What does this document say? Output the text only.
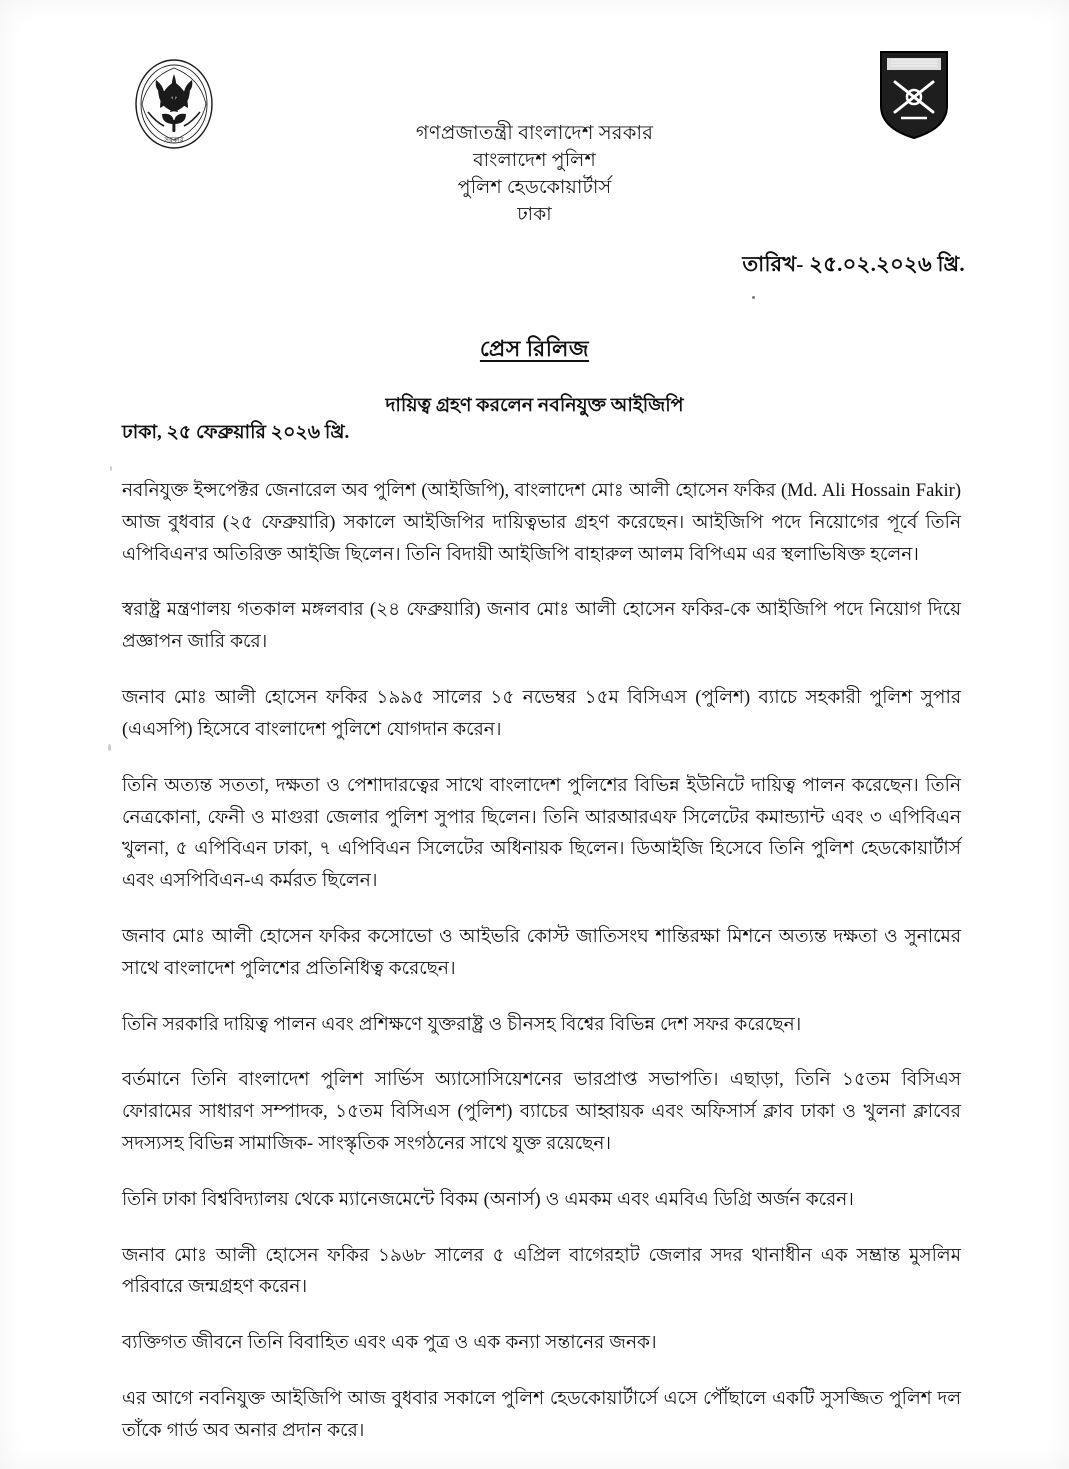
সরকার	গণপ্রজাতন্ত্রী বাংলাদেশ সরকার
বাংলাদেশ পুলিশ
পুলিশ হেডকোয়ার্টার্স
ঢাকা
তারিখ- ২৫.০২.২০২৬ খ্রি.
প্রেস রিলিজ
দায়িত্ব গ্রহণ করলেন নবনিযুক্ত আইজিপি
ঢাকা, ২৫ ফেব্রুয়ারি ২০২৬ খ্রি.

নবনিযুক্ত ইন্সপেক্টর জেনারেল অব পুলিশ (আইজিপি), বাংলাদেশ মোঃ আলী হোসেন ফকির (Md. Ali Hossain Fakir) আজ বুধবার (২৫ ফেব্রুয়ারি) সকালে আইজিপির দায়িত্বভার গ্রহণ করেছেন। আইজিপি পদে নিয়োগের পূর্বে তিনি এপিবিএন'র অতিরিক্ত আইজি ছিলেন। তিনি বিদায়ী আইজিপি বাহারুল আলম বিপিএম এর স্থলাভিষিক্ত হলেন।

স্বরাষ্ট্র মন্ত্রণালয় গতকাল মঙ্গলবার (২৪ ফেব্রুয়ারি) জনাব মোঃ আলী হোসেন ফকির-কে আইজিপি পদে নিয়োগ দিয়ে প্রজ্ঞাপন জারি করে।

জনাব মোঃ আলী হোসেন ফকির ১৯৯৫ সালের ১৫ নভেম্বর ১৫ম বিসিএস (পুলিশ) ব্যাচে সহকারী পুলিশ সুপার (এএসপি) হিসেবে বাংলাদেশ পুলিশে যোগদান করেন।

তিনি অত্যন্ত সততা, দক্ষতা ও পেশাদারত্বের সাথে বাংলাদেশ পুলিশের বিভিন্ন ইউনিটে দায়িত্ব পালন করেছেন। তিনি নেত্রকোনা, ফেনী ও মাগুরা জেলার পুলিশ সুপার ছিলেন। তিনি আরআরএফ সিলেটের কমান্ড্যান্ট এবং ৩ এপিবিএন খুলনা, ৫ এপিবিএন ঢাকা, ৭ এপিবিএন সিলেটের অধিনায়ক ছিলেন। ডিআইজি হিসেবে তিনি পুলিশ হেডকোয়ার্টার্স এবং এসপিবিএন-এ কর্মরত ছিলেন।

জনাব মোঃ আলী হোসেন ফকির কসোভো ও আইভরি কোস্ট জাতিসংঘ শান্তিরক্ষা মিশনে অত্যন্ত দক্ষতা ও সুনামের সাথে বাংলাদেশ পুলিশের প্রতিনিধিত্ব করেছেন।

তিনি সরকারি দায়িত্ব পালন এবং প্রশিক্ষণে যুক্তরাষ্ট্র ও চীনসহ বিশ্বের বিভিন্ন দেশ সফর করেছেন।

বর্তমানে তিনি বাংলাদেশ পুলিশ সার্ভিস অ্যাসোসিয়েশনের ভারপ্রাপ্ত সভাপতি। এছাড়া, তিনি ১৫তম বিসিএস ফোরামের সাধারণ সম্পাদক, ১৫তম বিসিএস (পুলিশ) ব্যাচের আহ্বায়ক এবং অফিসার্স ক্লাব ঢাকা ও খুলনা ক্লাবের সদস্যসহ বিভিন্ন সামাজিক- সাংস্কৃতিক সংগঠনের সাথে যুক্ত রয়েছেন।

তিনি ঢাকা বিশ্ববিদ্যালয় থেকে ম্যানেজমেন্টে বিকম (অনার্স) ও এমকম এবং এমবিএ ডিগ্রি অর্জন করেন।

জনাব মোঃ আলী হোসেন ফকির ১৯৬৮ সালের ৫ এপ্রিল বাগেরহাট জেলার সদর থানাধীন এক সম্ভ্রান্ত মুসলিম পরিবারে জন্মগ্রহণ করেন।

ব্যক্তিগত জীবনে তিনি বিবাহিত এবং এক পুত্র ও এক কন্যা সন্তানের জনক।

এর আগে নবনিযুক্ত আইজিপি আজ বুধবার সকালে পুলিশ হেডকোয়ার্টার্সে এসে পৌঁছালে একটি সুসজ্জিত পুলিশ দল তাঁকে গার্ড অব অনার প্রদান করে।
